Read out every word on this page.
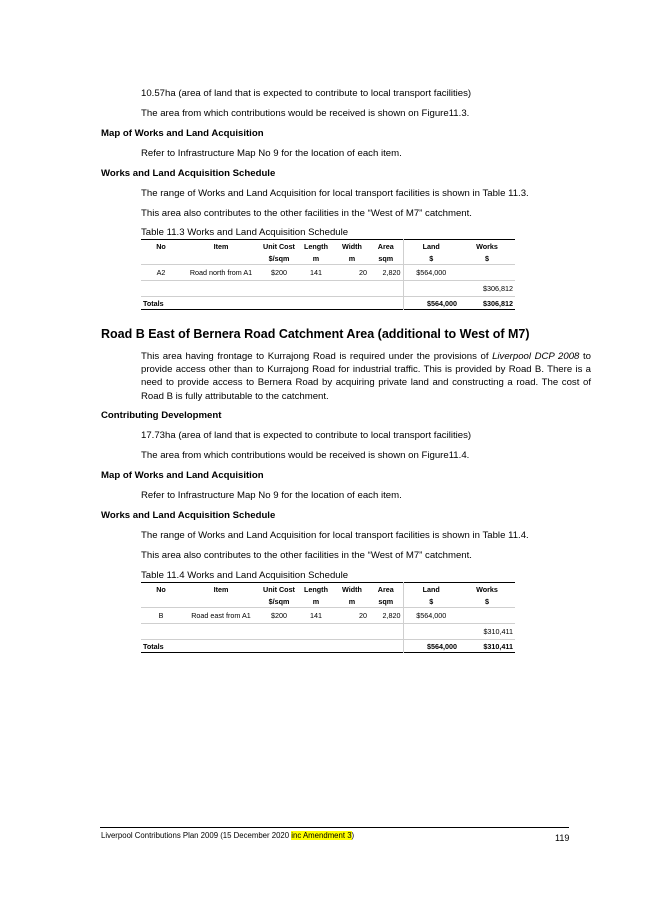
10.57ha (area of land that is expected to contribute to local transport facilities)
The area from which contributions would be received is shown on Figure11.3.
Map of Works and Land Acquisition
Refer to Infrastructure Map No 9 for the location of each item.
Works and Land Acquisition Schedule
The range of Works and Land Acquisition for local transport facilities is shown in Table 11.3.
This area also contributes to the other facilities in the “West of M7” catchment.
Table 11.3 Works and Land Acquisition Schedule
No	Item	Unit Cost	Length	Width	Area	Land	Works
		$/sqm	m	m	sqm	$	$
A2	Road north from A1	$200	141	20	2,820	$564,000	
							$306,812
Totals						$564,000	$306,812
Road B East of Bernera Road Catchment Area (additional to West of M7)
This area having frontage to Kurrajong Road is required under the provisions of Liverpool DCP 2008 to provide access other than to Kurrajong Road for industrial traffic. This is provided by Road B. There is a need to provide access to Bernera Road by acquiring private land and constructing a road. The cost of Road B is fully attributable to the catchment.
Contributing Development
17.73ha (area of land that is expected to contribute to local transport facilities)
The area from which contributions would be received is shown on Figure11.4.
Map of Works and Land Acquisition
Refer to Infrastructure Map No 9 for the location of each item.
Works and Land Acquisition Schedule
The range of Works and Land Acquisition for local transport facilities is shown in Table 11.4.
This area also contributes to the other facilities in the “West of M7” catchment.
Table 11.4 Works and Land Acquisition Schedule
No	Item	Unit Cost	Length	Width	Area	Land	Works
		$/sqm	m	m	sqm	$	$
B	Road east from A1	$200	141	20	2,820	$564,000	
							$310,411
Totals						$564,000	$310,411
Liverpool Contributions Plan 2009 (15 December 2020 inc Amendment 3)	119
